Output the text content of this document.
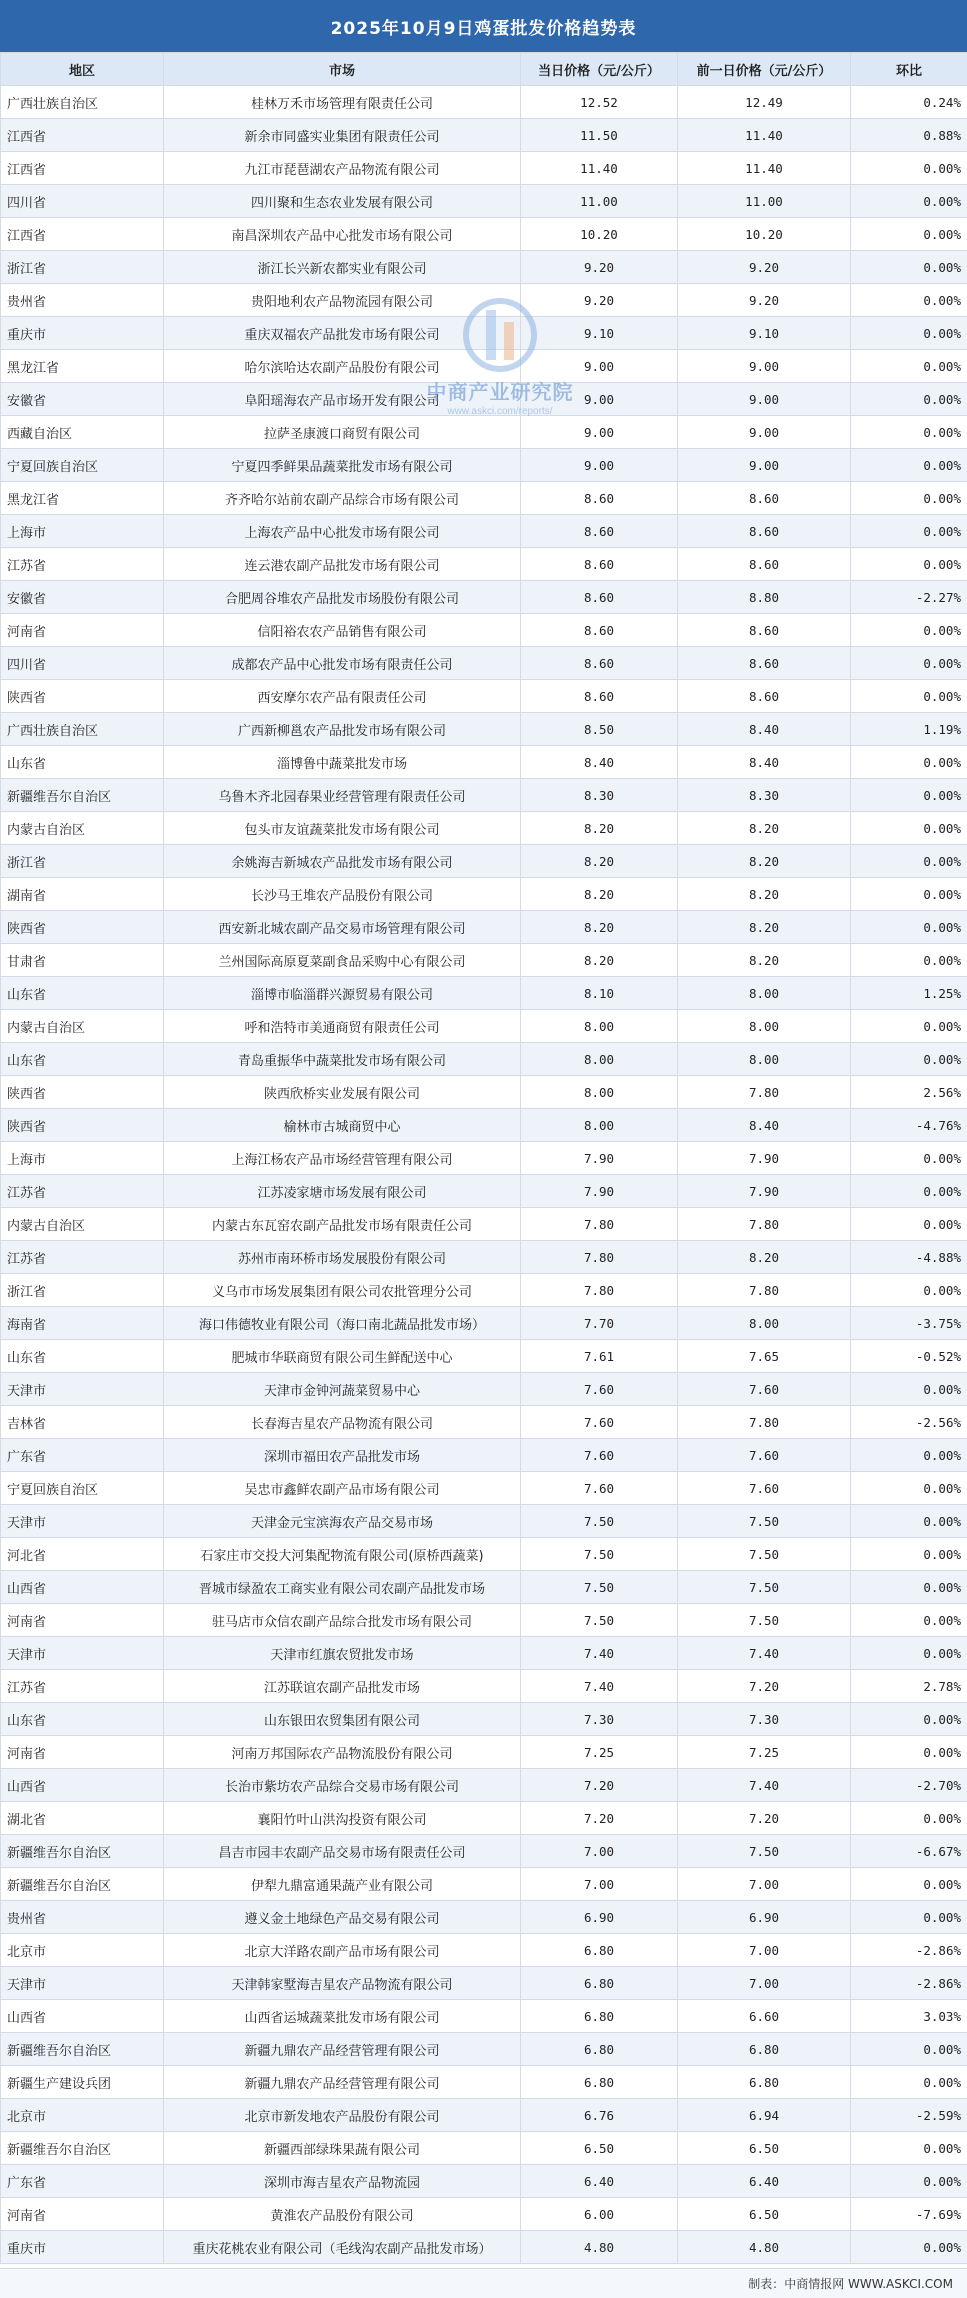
2025年10月9日鸡蛋批发价格趋势表
地区	市场	当日价格（元/公斤）	前一日价格（元/公斤）	环比
广西壮族自治区	桂林万禾市场管理有限责任公司	12.52	12.49	0.24%
江西省	新余市同盛实业集团有限责任公司	11.50	11.40	0.88%
江西省	九江市琵琶湖农产品物流有限公司	11.40	11.40	0.00%
四川省	四川聚和生态农业发展有限公司	11.00	11.00	0.00%
江西省	南昌深圳农产品中心批发市场有限公司	10.20	10.20	0.00%
浙江省	浙江长兴新农都实业有限公司	9.20	9.20	0.00%
贵州省	贵阳地利农产品物流园有限公司	9.20	9.20	0.00%
重庆市	重庆双福农产品批发市场有限公司	9.10	9.10	0.00%
黑龙江省	哈尔滨哈达农副产品股份有限公司	9.00	9.00	0.00%
安徽省	阜阳瑶海农产品市场开发有限公司	9.00	9.00	0.00%
西藏自治区	拉萨圣康渡口商贸有限公司	9.00	9.00	0.00%
宁夏回族自治区	宁夏四季鲜果品蔬菜批发市场有限公司	9.00	9.00	0.00%
黑龙江省	齐齐哈尔站前农副产品综合市场有限公司	8.60	8.60	0.00%
上海市	上海农产品中心批发市场有限公司	8.60	8.60	0.00%
江苏省	连云港农副产品批发市场有限公司	8.60	8.60	0.00%
安徽省	合肥周谷堆农产品批发市场股份有限公司	8.60	8.80	-2.27%
河南省	信阳裕农农产品销售有限公司	8.60	8.60	0.00%
四川省	成都农产品中心批发市场有限责任公司	8.60	8.60	0.00%
陕西省	西安摩尔农产品有限责任公司	8.60	8.60	0.00%
广西壮族自治区	广西新柳邕农产品批发市场有限公司	8.50	8.40	1.19%
山东省	淄博鲁中蔬菜批发市场	8.40	8.40	0.00%
新疆维吾尔自治区	乌鲁木齐北园春果业经营管理有限责任公司	8.30	8.30	0.00%
内蒙古自治区	包头市友谊蔬菜批发市场有限公司	8.20	8.20	0.00%
浙江省	余姚海吉新城农产品批发市场有限公司	8.20	8.20	0.00%
湖南省	长沙马王堆农产品股份有限公司	8.20	8.20	0.00%
陕西省	西安新北城农副产品交易市场管理有限公司	8.20	8.20	0.00%
甘肃省	兰州国际高原夏菜副食品采购中心有限公司	8.20	8.20	0.00%
山东省	淄博市临淄群兴源贸易有限公司	8.10	8.00	1.25%
内蒙古自治区	呼和浩特市美通商贸有限责任公司	8.00	8.00	0.00%
山东省	青岛重振华中蔬菜批发市场有限公司	8.00	8.00	0.00%
陕西省	陕西欣桥实业发展有限公司	8.00	7.80	2.56%
陕西省	榆林市古城商贸中心	8.00	8.40	-4.76%
上海市	上海江杨农产品市场经营管理有限公司	7.90	7.90	0.00%
江苏省	江苏凌家塘市场发展有限公司	7.90	7.90	0.00%
内蒙古自治区	内蒙古东瓦窑农副产品批发市场有限责任公司	7.80	7.80	0.00%
江苏省	苏州市南环桥市场发展股份有限公司	7.80	8.20	-4.88%
浙江省	义乌市市场发展集团有限公司农批管理分公司	7.80	7.80	0.00%
海南省	海口伟德牧业有限公司（海口南北蔬品批发市场）	7.70	8.00	-3.75%
山东省	肥城市华联商贸有限公司生鲜配送中心	7.61	7.65	-0.52%
天津市	天津市金钟河蔬菜贸易中心	7.60	7.60	0.00%
吉林省	长春海吉星农产品物流有限公司	7.60	7.80	-2.56%
广东省	深圳市福田农产品批发市场	7.60	7.60	0.00%
宁夏回族自治区	吴忠市鑫鲜农副产品市场有限公司	7.60	7.60	0.00%
天津市	天津金元宝滨海农产品交易市场	7.50	7.50	0.00%
河北省	石家庄市交投大河集配物流有限公司(原桥西蔬菜)	7.50	7.50	0.00%
山西省	晋城市绿盈农工商实业有限公司农副产品批发市场	7.50	7.50	0.00%
河南省	驻马店市众信农副产品综合批发市场有限公司	7.50	7.50	0.00%
天津市	天津市红旗农贸批发市场	7.40	7.40	0.00%
江苏省	江苏联谊农副产品批发市场	7.40	7.20	2.78%
山东省	山东银田农贸集团有限公司	7.30	7.30	0.00%
河南省	河南万邦国际农产品物流股份有限公司	7.25	7.25	0.00%
山西省	长治市紫坊农产品综合交易市场有限公司	7.20	7.40	-2.70%
湖北省	襄阳竹叶山洪沟投资有限公司	7.20	7.20	0.00%
新疆维吾尔自治区	昌吉市园丰农副产品交易市场有限责任公司	7.00	7.50	-6.67%
新疆维吾尔自治区	伊犁九鼎富通果蔬产业有限公司	7.00	7.00	0.00%
贵州省	遵义金土地绿色产品交易有限公司	6.90	6.90	0.00%
北京市	北京大洋路农副产品市场有限公司	6.80	7.00	-2.86%
天津市	天津韩家墅海吉星农产品物流有限公司	6.80	7.00	-2.86%
山西省	山西省运城蔬菜批发市场有限公司	6.80	6.60	3.03%
新疆维吾尔自治区	新疆九鼎农产品经营管理有限公司	6.80	6.80	0.00%
新疆生产建设兵团	新疆九鼎农产品经营管理有限公司	6.80	6.80	0.00%
北京市	北京市新发地农产品股份有限公司	6.76	6.94	-2.59%
新疆维吾尔自治区	新疆西部绿珠果蔬有限公司	6.50	6.50	0.00%
广东省	深圳市海吉星农产品物流园	6.40	6.40	0.00%
河南省	黄淮农产品股份有限公司	6.00	6.50	-7.69%
重庆市	重庆花桃农业有限公司（毛线沟农副产品批发市场）	4.80	4.80	0.00%
中商产业研究院
www.askci.com/reports/
制表：中商情报网 WWW.ASKCI.COM
